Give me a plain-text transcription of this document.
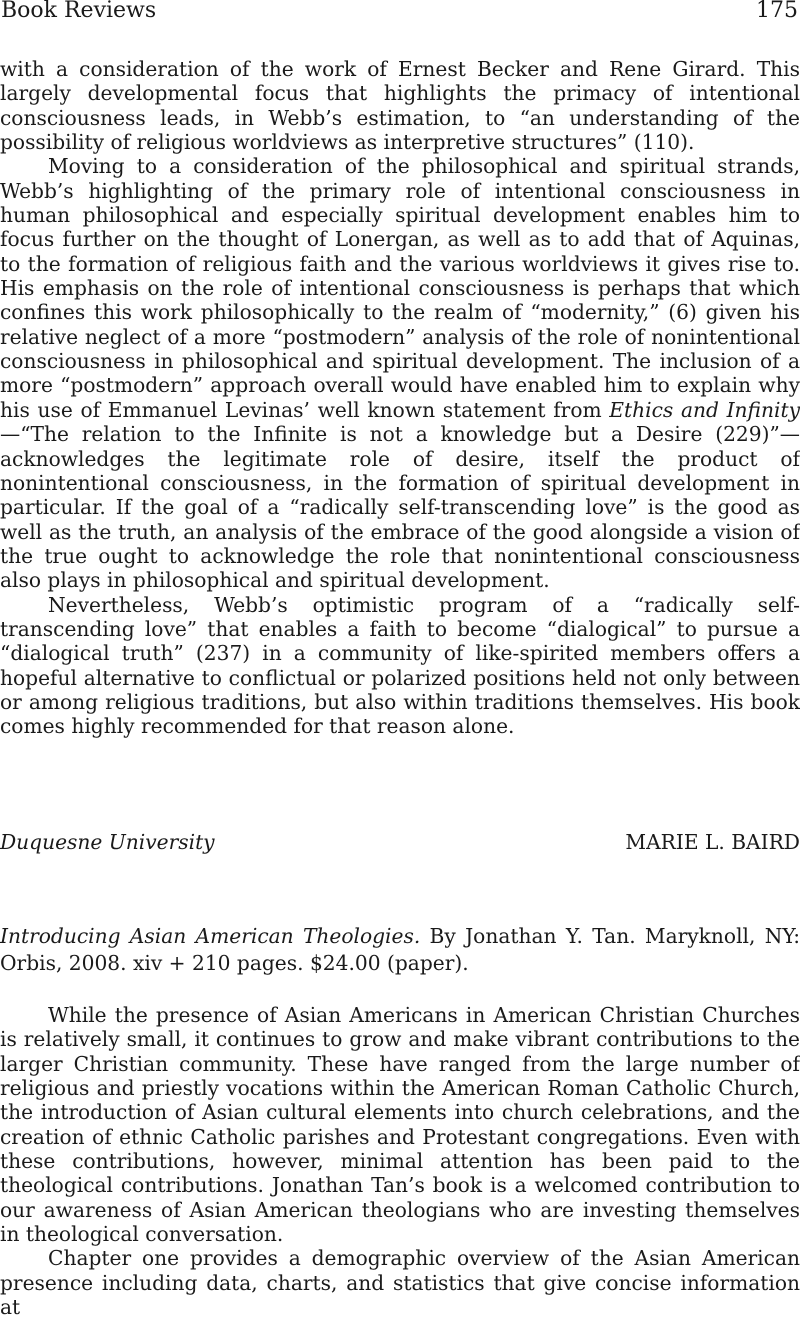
Book Reviews	175

with a consideration of the work of Ernest Becker and Rene Girard. This largely developmental focus that highlights the primacy of intentional consciousness leads, in Webb’s estimation, to “an understanding of the possibility of religious worldviews as interpretive structures” (110).

Moving to a consideration of the philosophical and spiritual strands, Webb’s highlighting of the primary role of intentional consciousness in human philosophical and especially spiritual development enables him to focus further on the thought of Lonergan, as well as to add that of Aquinas, to the formation of religious faith and the various worldviews it gives rise to. His emphasis on the role of intentional consciousness is perhaps that which confines this work philosophically to the realm of “modernity,” (6) given his relative neglect of a more “postmodern” analysis of the role of nonintentional consciousness in philosophical and spiritual development. The inclusion of a more “postmodern” approach overall would have enabled him to explain why his use of Emmanuel Levinas’ well known statement from Ethics and Infinity—“The relation to the Infinite is not a knowledge but a Desire (229)”—acknowledges the legitimate role of desire, itself the product of nonintentional consciousness, in the formation of spiritual development in particular. If the goal of a “radically self-transcending love” is the good as well as the truth, an analysis of the embrace of the good alongside a vision of the true ought to acknowledge the role that nonintentional consciousness also plays in philosophical and spiritual development.

Nevertheless, Webb’s optimistic program of a “radically self-transcending love” that enables a faith to become “dialogical” to pursue a “dialogical truth” (237) in a community of like-spirited members offers a hopeful alternative to conflictual or polarized positions held not only between or among religious traditions, but also within traditions themselves. His book comes highly recommended for that reason alone.

Duquesne University	MARIE L. BAIRD

Introducing Asian American Theologies. By Jonathan Y. Tan. Maryknoll, NY: Orbis, 2008. xiv + 210 pages. $24.00 (paper).

While the presence of Asian Americans in American Christian Churches is relatively small, it continues to grow and make vibrant contributions to the larger Christian community. These have ranged from the large number of religious and priestly vocations within the American Roman Catholic Church, the introduction of Asian cultural elements into church celebrations, and the creation of ethnic Catholic parishes and Protestant congregations. Even with these contributions, however, minimal attention has been paid to the theological contributions. Jonathan Tan’s book is a welcomed contribution to our awareness of Asian American theologians who are investing themselves in theological conversation.

Chapter one provides a demographic overview of the Asian American presence including data, charts, and statistics that give concise information at
